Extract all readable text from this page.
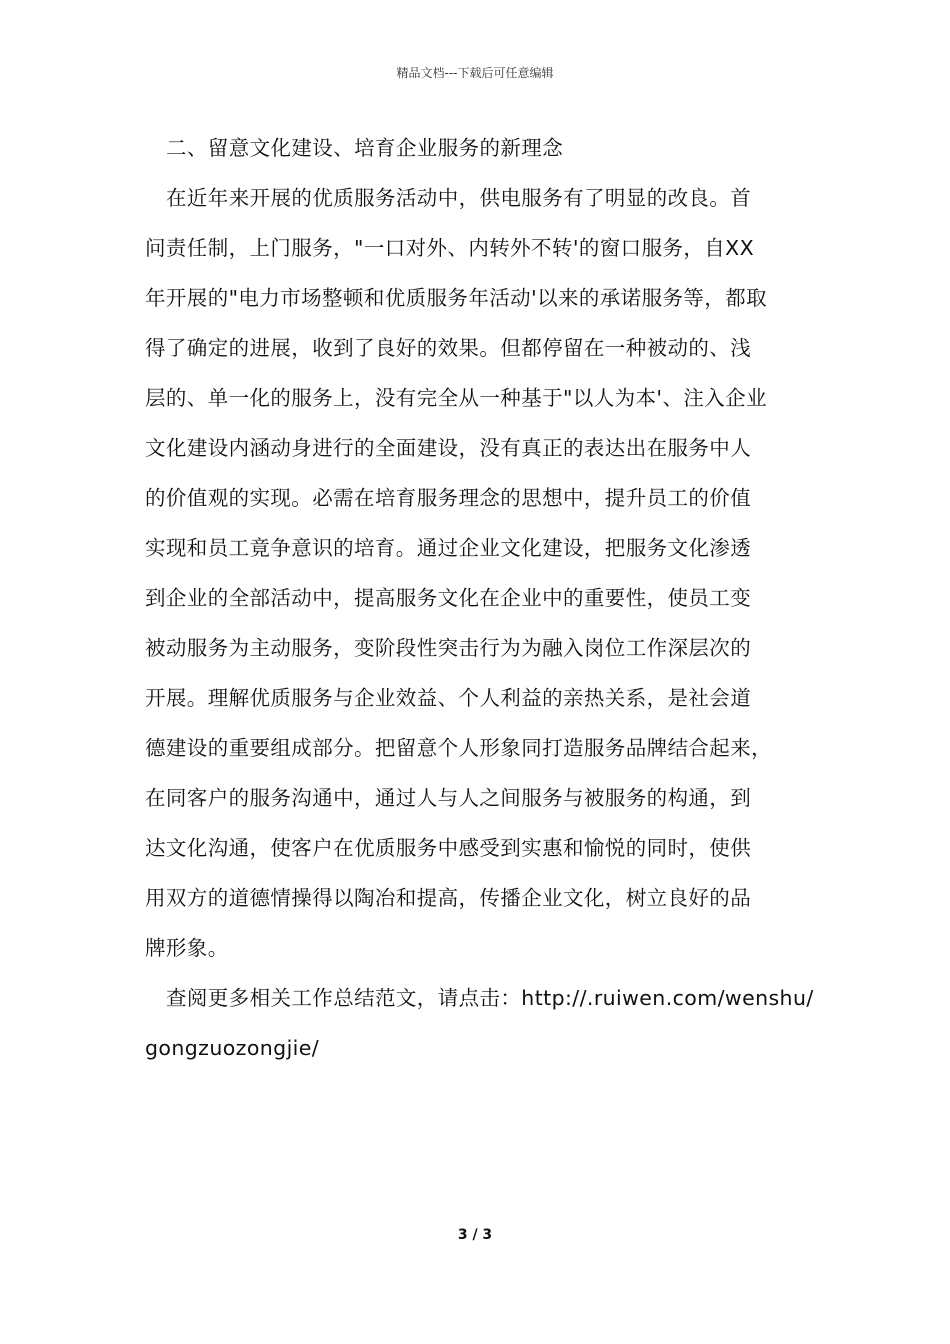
精品文档---下载后可任意编辑
二、留意文化建设、培育企业服务的新理念
在近年来开展的优质服务活动中，供电服务有了明显的改良。首
问责任制，上门服务，"一口对外、内转外不转'的窗口服务，自XX
年开展的"电力市场整顿和优质服务年活动'以来的承诺服务等，都取
得了确定的进展，收到了良好的效果。但都停留在一种被动的、浅
层的、单一化的服务上，没有完全从一种基于"以人为本'、注入企业
文化建设内涵动身进行的全面建设，没有真正的表达出在服务中人
的价值观的实现。必需在培育服务理念的思想中，提升员工的价值
实现和员工竟争意识的培育。通过企业文化建设，把服务文化渗透
到企业的全部活动中，提高服务文化在企业中的重要性，使员工变
被动服务为主动服务，变阶段性突击行为为融入岗位工作深层次的
开展。理解优质服务与企业效益、个人利益的亲热关系，是社会道
德建设的重要组成部分。把留意个人形象同打造服务品牌结合起来，
在同客户的服务沟通中，通过人与人之间服务与被服务的构通，到
达文化沟通，使客户在优质服务中感受到实惠和愉悦的同时，使供
用双方的道德情操得以陶冶和提高，传播企业文化，树立良好的品
牌形象。
查阅更多相关工作总结范文，请点击：http://.ruiwen.com/wenshu/
gongzuozongjie/
3 / 3
